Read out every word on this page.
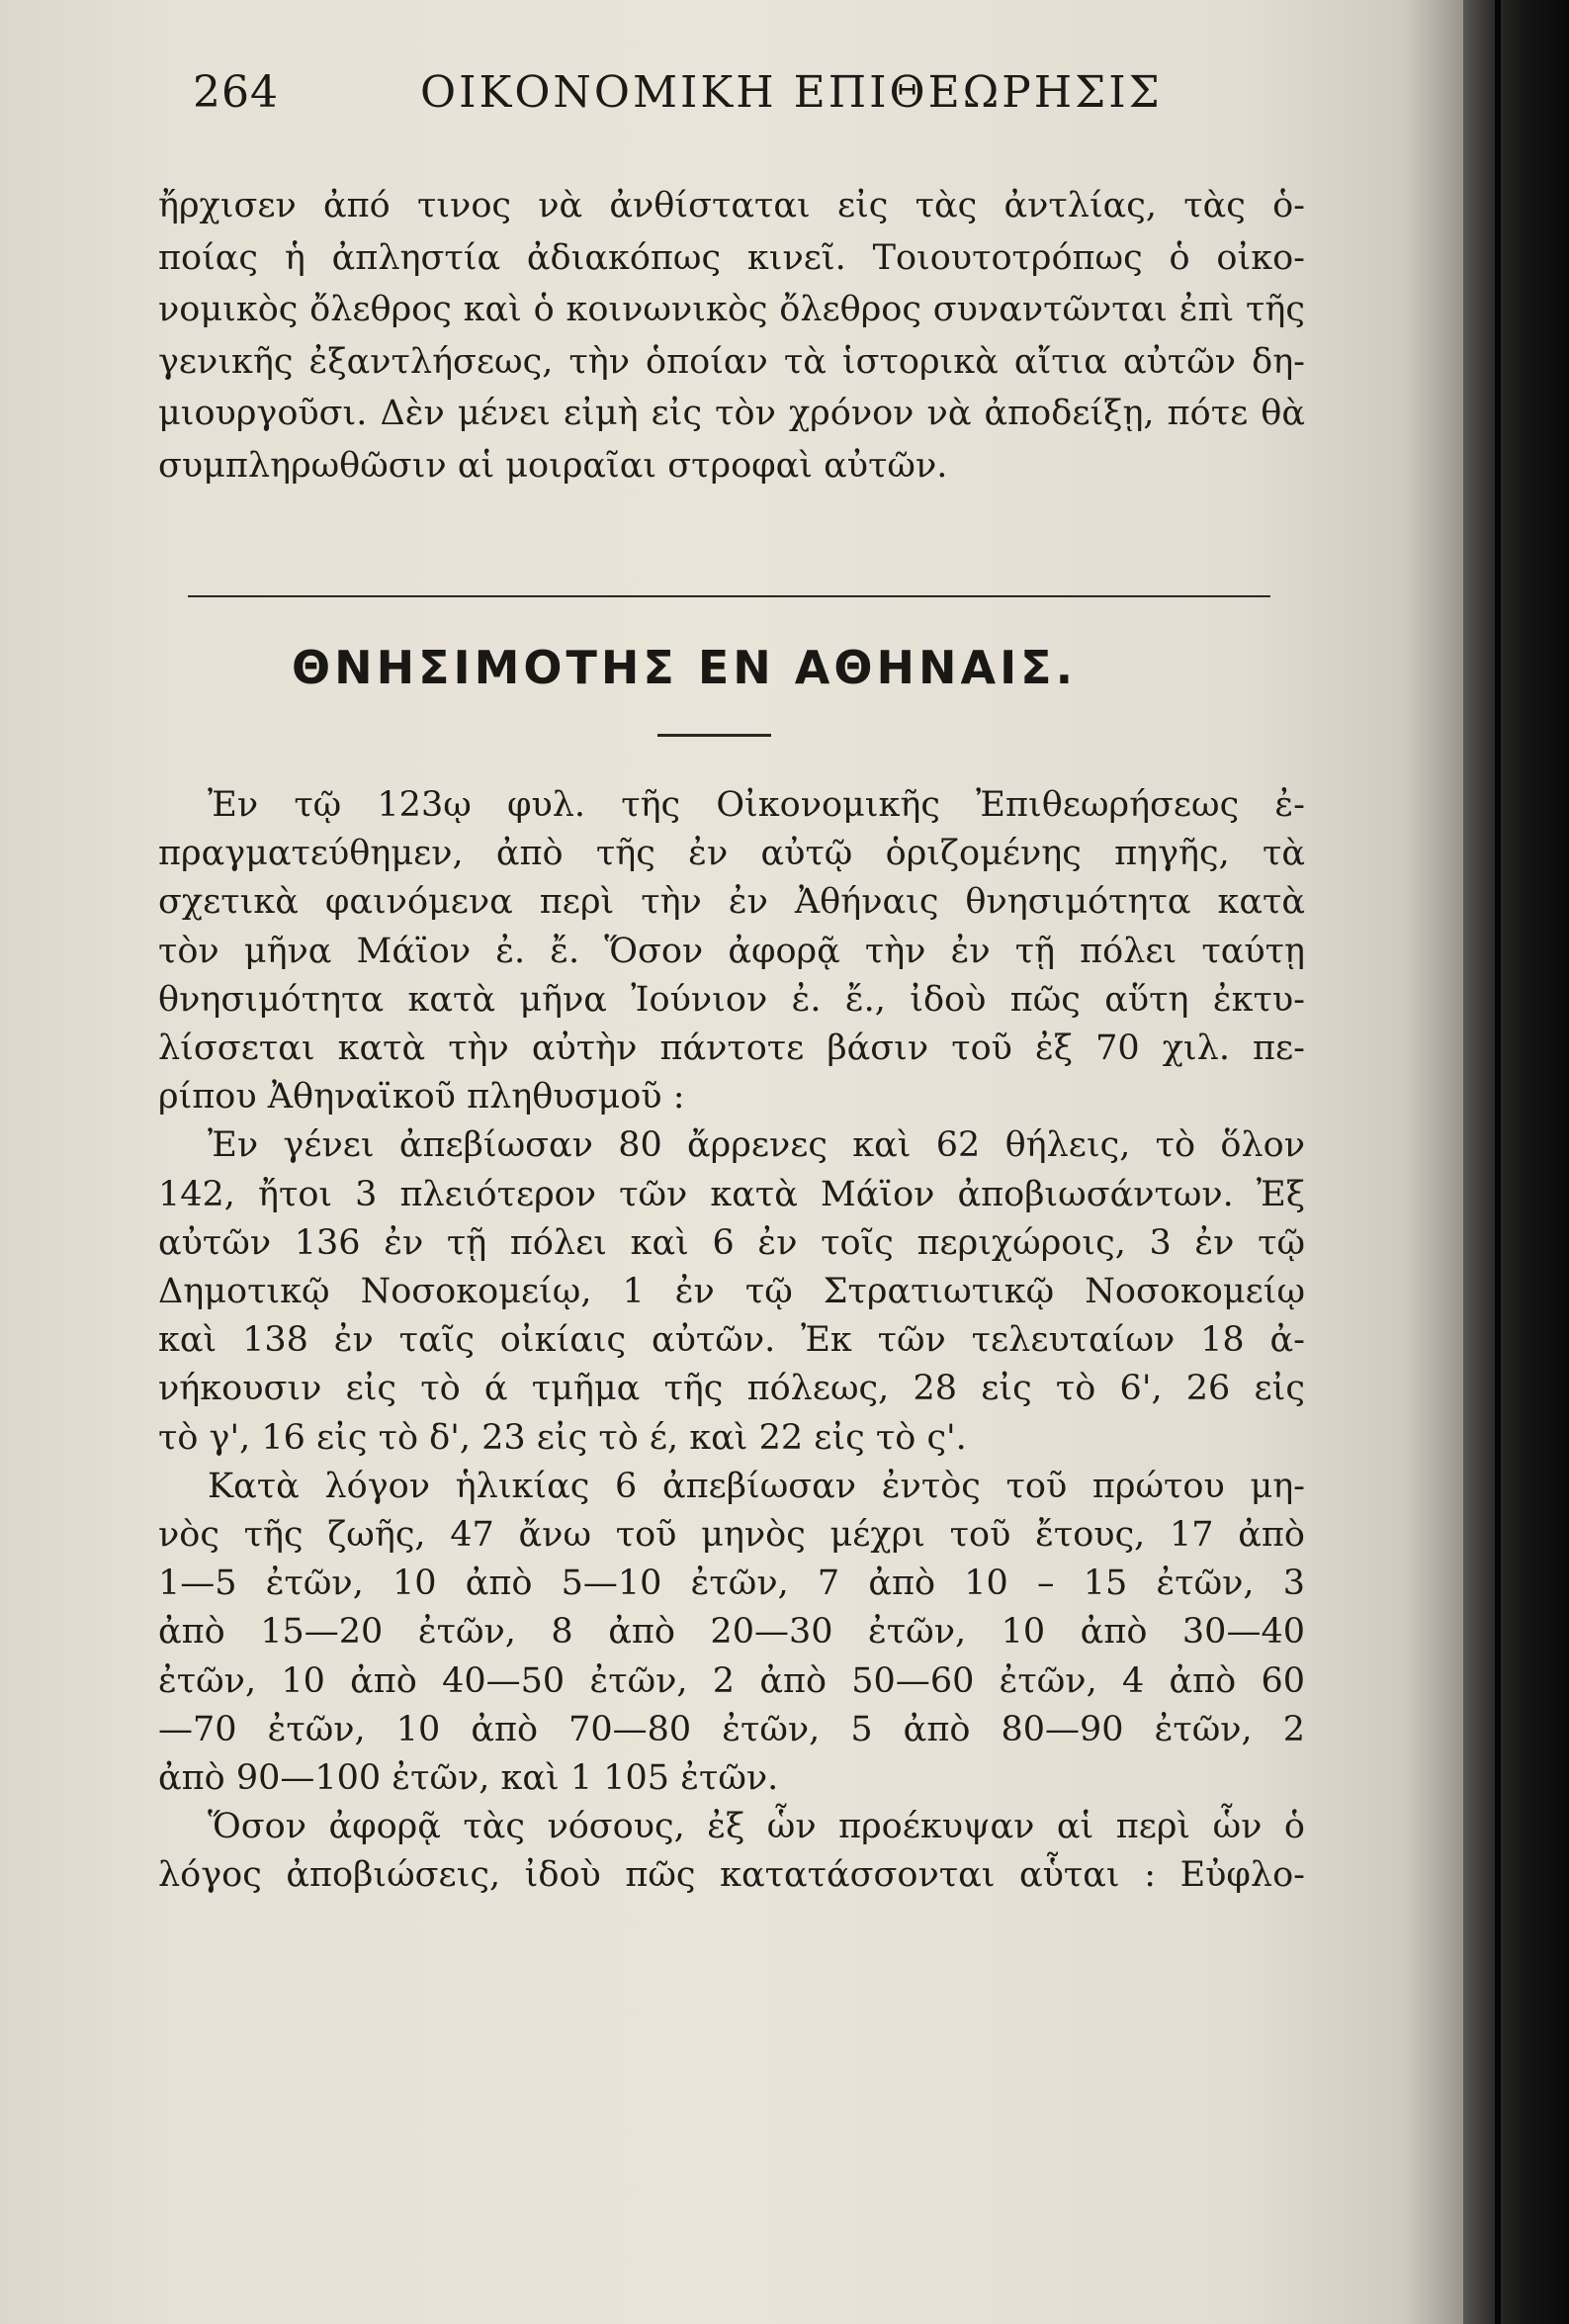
264	ΟΙΚΟΝΟΜΙΚΗ ΕΠΙΘΕΩΡΗΣΙΣ
ἤρχισεν ἀπό τινος νὰ ἀνθίσταται εἰς τὰς ἀντλίας, τὰς ὁ-
ποίας ἡ ἀπληστία ἀδιακόπως κινεῖ. Τοιουτοτρόπως ὁ οἰκο-
νομικὸς ὄλεθρος καὶ ὁ κοινωνικὸς ὄλεθρος συναντῶνται ἐπὶ τῆς
γενικῆς ἐξαντλήσεως, τὴν ὁποίαν τὰ ἱστορικὰ αἴτια αὐτῶν δη-
μιουργοῦσι. Δὲν μένει εἰμὴ εἰς τὸν χρόνον νὰ ἀποδείξῃ, πότε θὰ
συμπληρωθῶσιν αἱ μοιραῖαι στροφαὶ αὐτῶν.
ΘΝΗΣΙΜΟΤΗΣ ΕΝ ΑΘΗΝΑΙΣ.
Ἐν τῷ 123ῳ φυλ. τῆς Οἰκονομικῆς Ἐπιθεωρήσεως ἐ-
πραγματεύθημεν, ἀπὸ τῆς ἐν αὐτῷ ὁριζομένης πηγῆς, τὰ
σχετικὰ φαινόμενα περὶ τὴν ἐν Ἀθήναις θνησιμότητα κατὰ
τὸν μῆνα Μάϊον ἐ. ἔ. Ὅσον ἀφορᾷ τὴν ἐν τῇ πόλει ταύτῃ
θνησιμότητα κατὰ μῆνα Ἰούνιον ἐ. ἔ., ἰδοὺ πῶς αὕτη ἐκτυ-
λίσσεται κατὰ τὴν αὐτὴν πάντοτε βάσιν τοῦ ἐξ 70 χιλ. πε-
ρίπου Ἀθηναϊκοῦ πληθυσμοῦ :
Ἐν γένει ἀπεβίωσαν 80 ἄρρενες καὶ 62 θήλεις, τὸ ὅλον
142, ἤτοι 3 πλειότερον τῶν κατὰ Μάϊον ἀποβιωσάντων. Ἐξ
αὐτῶν 136 ἐν τῇ πόλει καὶ 6 ἐν τοῖς περιχώροις, 3 ἐν τῷ
Δημοτικῷ Νοσοκομείῳ, 1 ἐν τῷ Στρατιωτικῷ Νοσοκομείῳ
καὶ 138 ἐν ταῖς οἰκίαις αὐτῶν. Ἐκ τῶν τελευταίων 18 ἀ-
νήκουσιν εἰς τὸ ά τμῆμα τῆς πόλεως, 28 εἰς τὸ 6', 26 εἰς
τὸ γ', 16 εἰς τὸ δ', 23 εἰς τὸ έ, καὶ 22 εἰς τὸ ς'.
Κατὰ λόγον ἡλικίας 6 ἀπεβίωσαν ἐντὸς τοῦ πρώτου μη-
νὸς τῆς ζωῆς, 47 ἄνω τοῦ μηνὸς μέχρι τοῦ ἔτους, 17 ἀπὸ
1—5 ἐτῶν, 10 ἀπὸ 5—10 ἐτῶν, 7 ἀπὸ 10 – 15 ἐτῶν, 3
ἀπὸ 15—20 ἐτῶν, 8 ἀπὸ 20—30 ἐτῶν, 10 ἀπὸ 30—40
ἐτῶν, 10 ἀπὸ 40—50 ἐτῶν, 2 ἀπὸ 50—60 ἐτῶν, 4 ἀπὸ 60
—70 ἐτῶν, 10 ἀπὸ 70—80 ἐτῶν, 5 ἀπὸ 80—90 ἐτῶν, 2
ἀπὸ 90—100 ἐτῶν, καὶ 1 105 ἐτῶν.
Ὅσον ἀφορᾷ τὰς νόσους, ἐξ ὧν προέκυψαν αἱ περὶ ὧν ὁ
λόγος ἀποβιώσεις, ἰδοὺ πῶς κατατάσσονται αὗται : Εὐφλο-
